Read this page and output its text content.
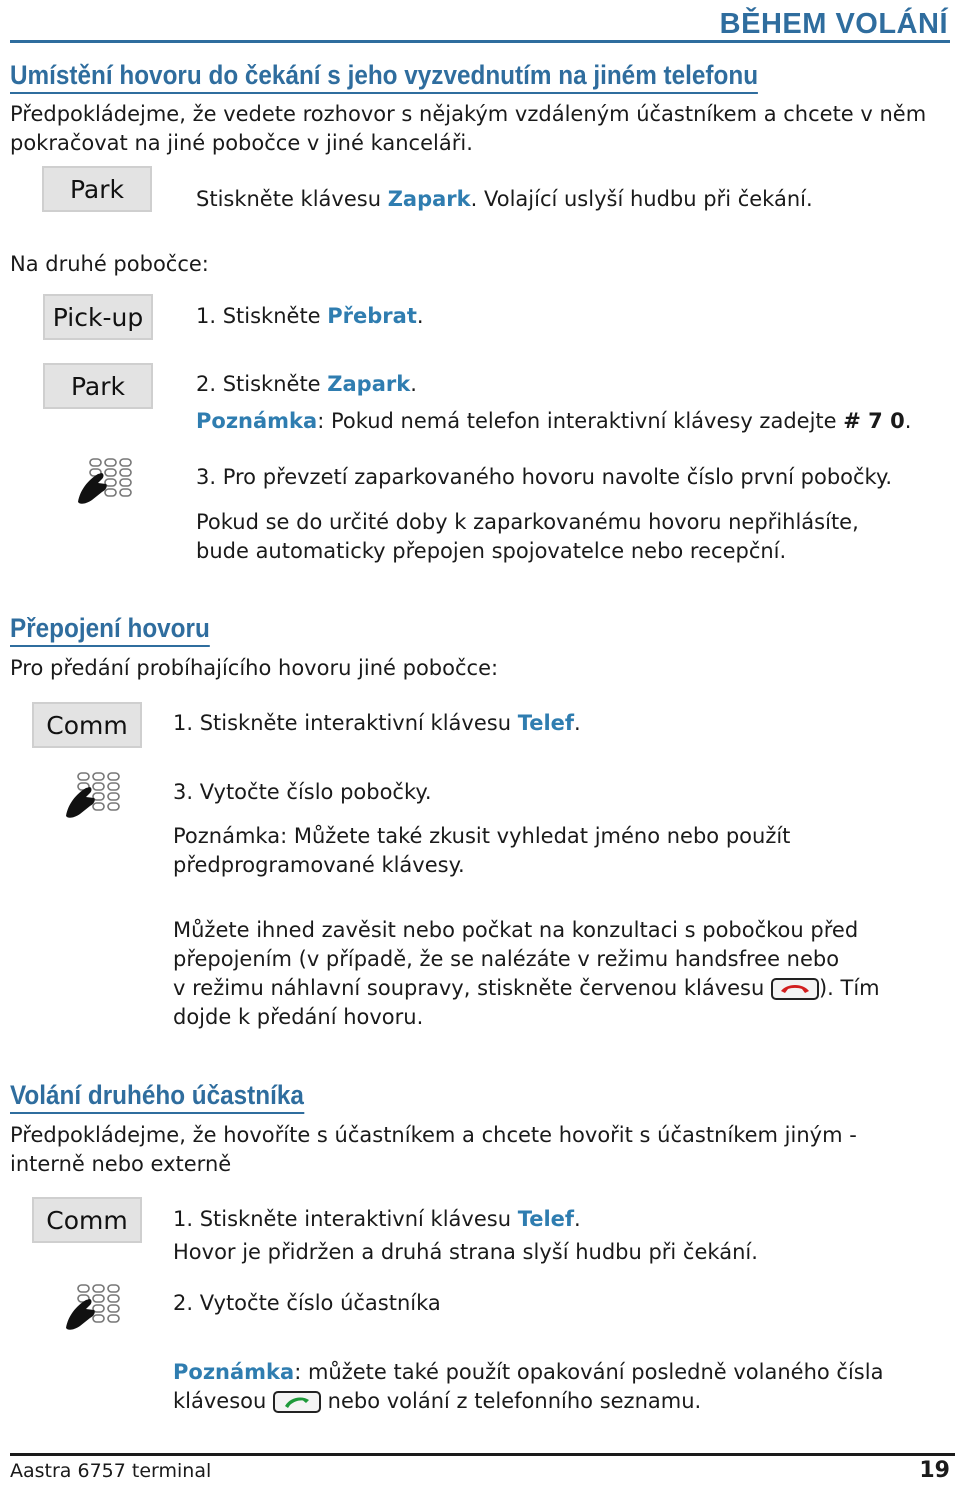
BĚHEM VOLÁNÍ
Umístění hovoru do čekání s jeho vyzvednutím na jiném telefonu
Předpokládejme, že vedete rozhovor s nějakým vzdáleným účastníkem a chcete v něm
pokračovat na jiné pobočce v jiné kanceláři.
Park	Stiskněte klávesu Zapark. Volající uslyší hudbu při čekání.
Na druhé pobočce:
Pick-up	1. Stiskněte Přebrat.
Park	2. Stiskněte Zapark.
Poznámka: Pokud nemá telefon interaktivní klávesy zadejte # 7 0.
3. Pro převzetí zaparkovaného hovoru navolte číslo první pobočky.
Pokud se do určité doby k zaparkovanému hovoru nepřihlásíte,
bude automaticky přepojen spojovatelce nebo recepční.
Přepojení hovoru
Pro předání probíhajícího hovoru jiné pobočce:
Comm	1. Stiskněte interaktivní klávesu Telef.
3. Vytočte číslo pobočky.
Poznámka: Můžete také zkusit vyhledat jméno nebo použít
předprogramované klávesy.
Můžete ihned zavěsit nebo počkat na konzultaci s pobočkou před
přepojením (v případě, že se nalézáte v režimu handsfree nebo
v režimu náhlavní soupravy, stiskněte červenou klávesu
). Tím
dojde k předání hovoru.
Volání druhého účastníka
Předpokládejme, že hovoříte s účastníkem a chcete hovořit s účastníkem jiným -
interně nebo externě
Comm	1. Stiskněte interaktivní klávesu Telef.
Hovor je přidržen a druhá strana slyší hudbu při čekání.
2. Vytočte číslo účastníka
Poznámka: můžete také použít opakování posledně volaného čísla
klávesou
nebo volání z telefonního seznamu.
Aastra 6757 terminal	19
